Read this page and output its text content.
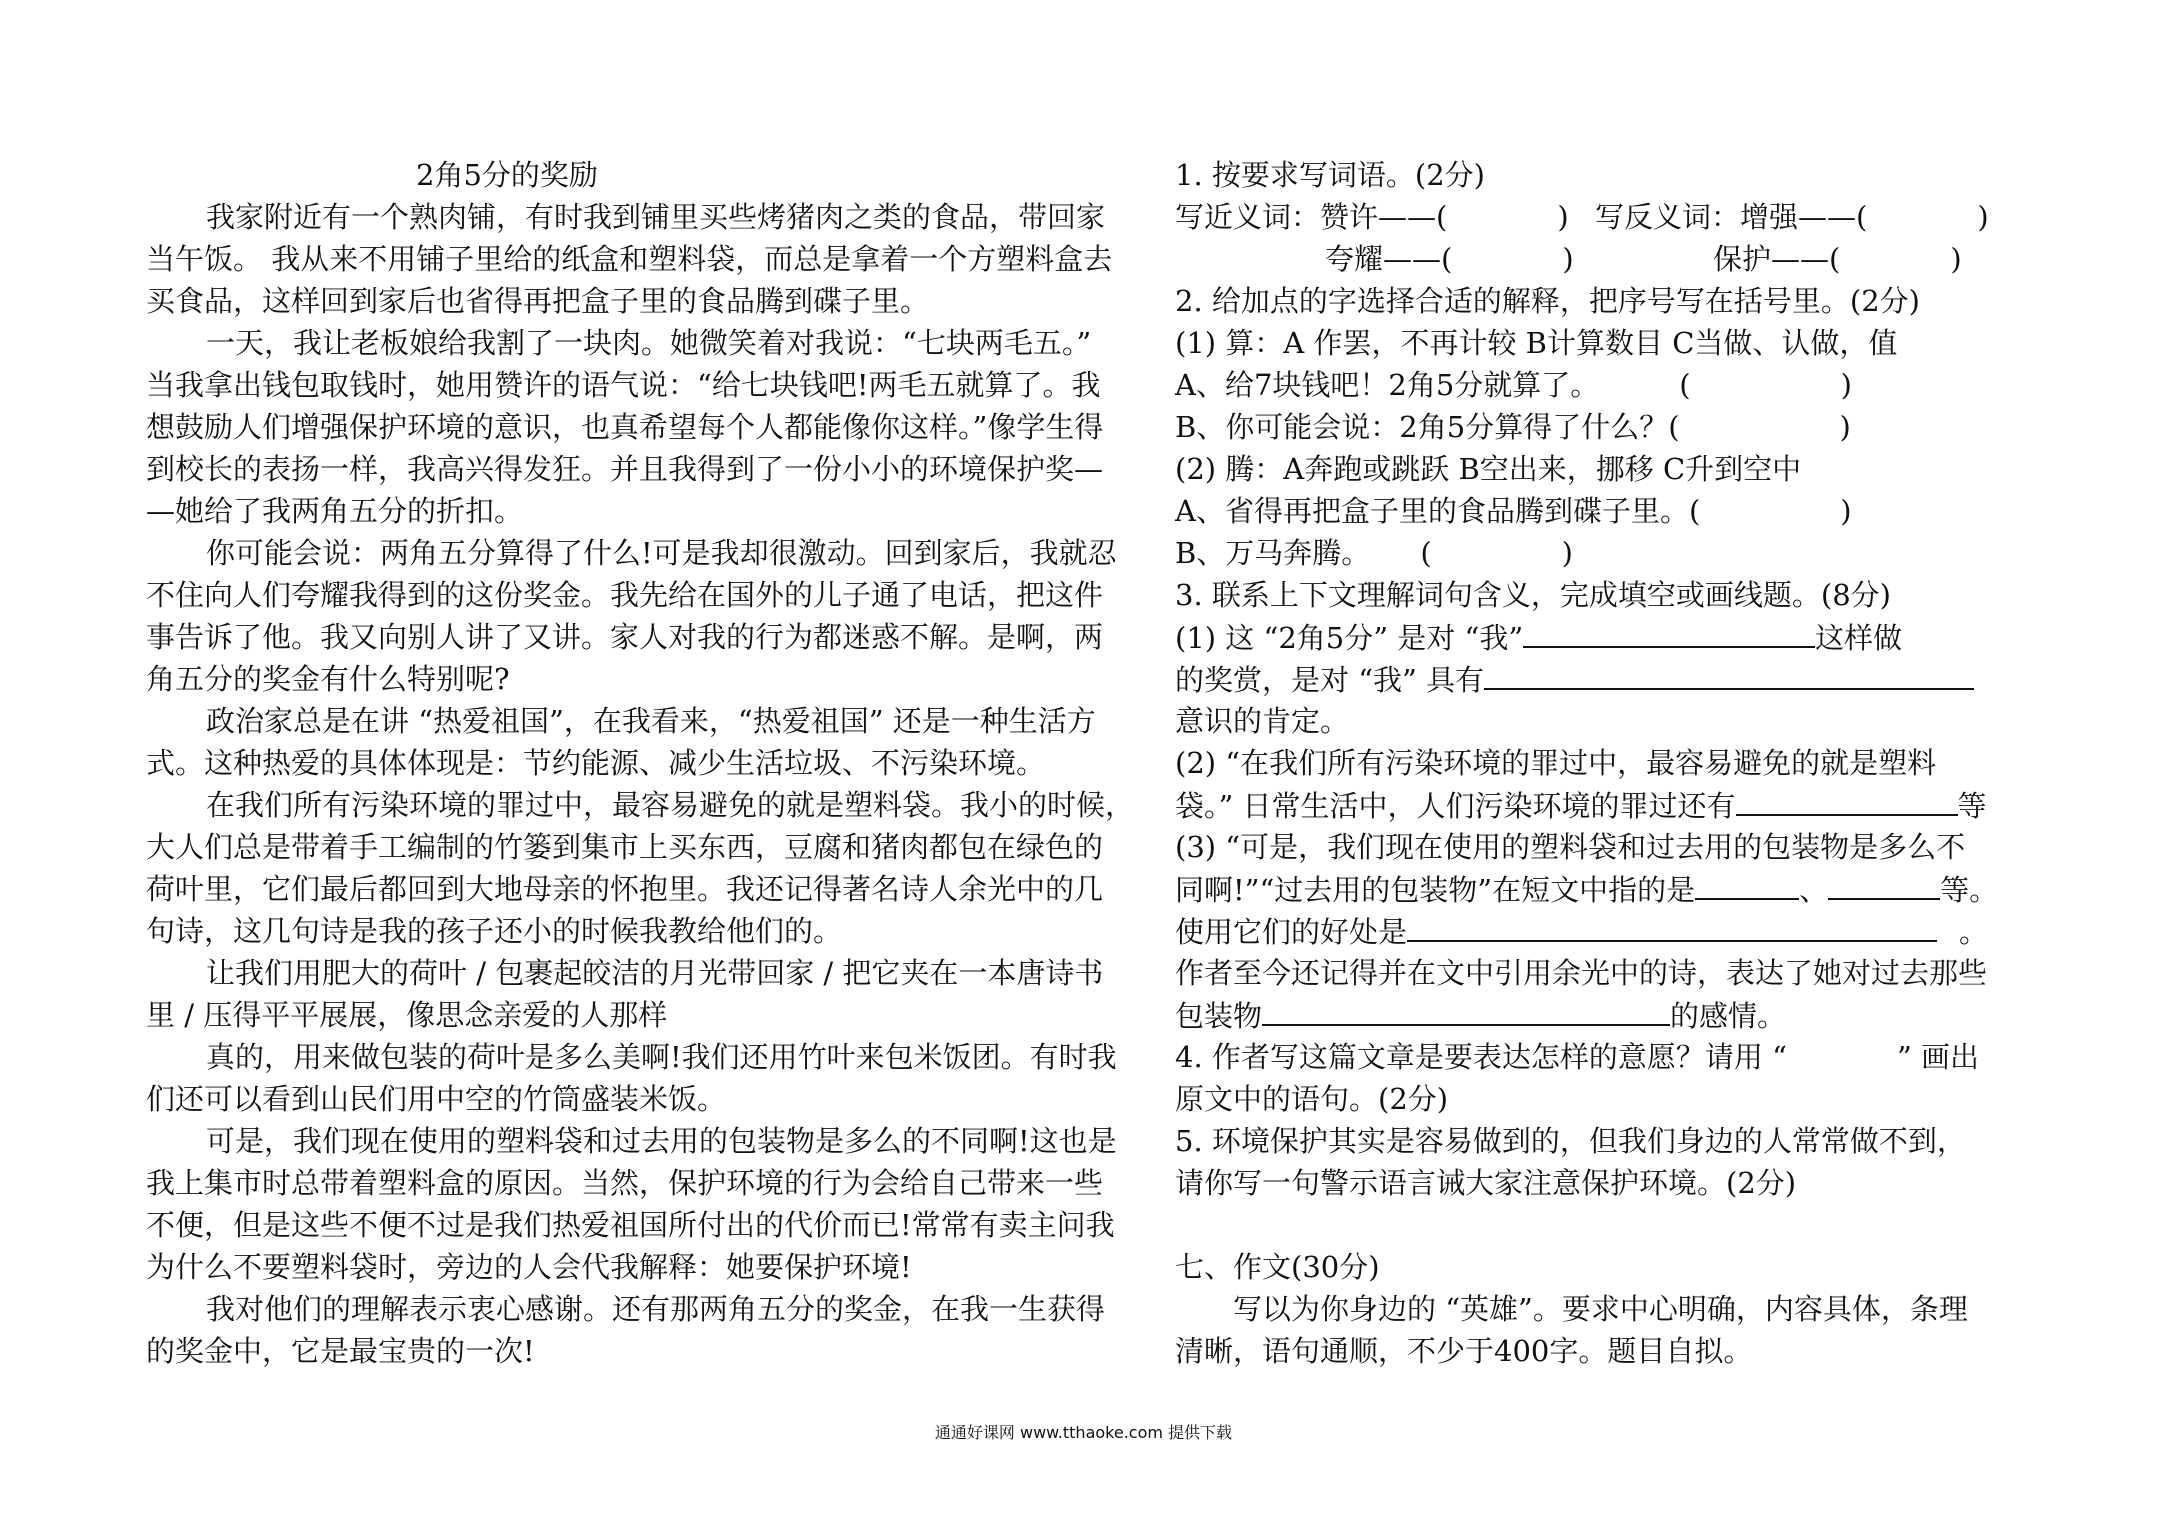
2角5分的奖励
我家附近有一个熟肉铺，有时我到铺里买些烤猪肉之类的食品，带回家
当午饭。 我从来不用铺子里给的纸盒和塑料袋，而总是拿着一个方塑料盒去
买食品，这样回到家后也省得再把盒子里的食品腾到碟子里。
一天，我让老板娘给我割了一块肉。她微笑着对我说：“七块两毛五。”
当我拿出钱包取钱时，她用赞许的语气说：“给七块钱吧!两毛五就算了。我
想鼓励人们增强保护环境的意识，也真希望每个人都能像你这样。”像学生得
到校长的表扬一样，我高兴得发狂。并且我得到了一份小小的环境保护奖—
—她给了我两角五分的折扣。
你可能会说：两角五分算得了什么!可是我却很激动。回到家后，我就忍
不住向人们夸耀我得到的这份奖金。我先给在国外的儿子通了电话，把这件
事告诉了他。我又向别人讲了又讲。家人对我的行为都迷惑不解。是啊，两
角五分的奖金有什么特别呢?
政治家总是在讲 “热爱祖国”，在我看来，“热爱祖国” 还是一种生活方
式。这种热爱的具体体现是：节约能源、减少生活垃圾、不污染环境。
在我们所有污染环境的罪过中，最容易避免的就是塑料袋。我小的时候，
大人们总是带着手工编制的竹篓到集市上买东西，豆腐和猪肉都包在绿色的
荷叶里，它们最后都回到大地母亲的怀抱里。我还记得著名诗人余光中的几
句诗，这几句诗是我的孩子还小的时候我教给他们的。
让我们用肥大的荷叶 / 包裹起皎洁的月光带回家 / 把它夹在一本唐诗书
里 / 压得平平展展，像思念亲爱的人那样
真的，用来做包装的荷叶是多么美啊!我们还用竹叶来包米饭团。有时我
们还可以看到山民们用中空的竹筒盛装米饭。
可是，我们现在使用的塑料袋和过去用的包装物是多么的不同啊!这也是
我上集市时总带着塑料盒的原因。当然，保护环境的行为会给自己带来一些
不便，但是这些不便不过是我们热爱祖国所付出的代价而已!常常有卖主问我
为什么不要塑料袋时，旁边的人会代我解释：她要保护环境!
我对他们的理解表示衷心感谢。还有那两角五分的奖金，在我一生获得
的奖金中，它是最宝贵的一次!
1. 按要求写词语。(2分)
写近义词：赞许——(	) 写反义词：增强——(	)
夸耀——(	)	保护——(	)
2. 给加点的字选择合适的解释，把序号写在括号里。(2分)
(1) 算：A 作罢，不再计较 B计算数目 C当做、认做，值
A、给7块钱吧！2角5分就算了。	(	)
B、你可能会说：2角5分算得了什么？(	)
(2) 腾：A奔跑或跳跃 B空出来，挪移 C升到空中
A、省得再把盒子里的食品腾到碟子里。(	)
B、万马奔腾。 (	)
3. 联系上下文理解词句含义，完成填空或画线题。(8分)
(1) 这 “2角5分” 是对 “我”	这样做
的奖赏，是对 “我” 具有
意识的肯定。
(2) “在我们所有污染环境的罪过中，最容易避免的就是塑料
袋。” 日常生活中，人们污染环境的罪过还有	等
(3) “可是，我们现在使用的塑料袋和过去用的包装物是多么不
同啊!”“过去用的包装物”在短文中指的是	、	等。
使用它们的好处是	。
作者至今还记得并在文中引用余光中的诗，表达了她对过去那些
包装物	的感情。
4. 作者写这篇文章是要表达怎样的意愿？请用 “	” 画出
原文中的语句。(2分)
5. 环境保护其实是容易做到的，但我们身边的人常常做不到，
请你写一句警示语言诫大家注意保护环境。(2分)
七、作文(30分)
写以为你身边的 “英雄”。要求中心明确，内容具体，条理
清晰，语句通顺，不少于400字。题目自拟。
通通好课网 www.tthaoke.com 提供下载
